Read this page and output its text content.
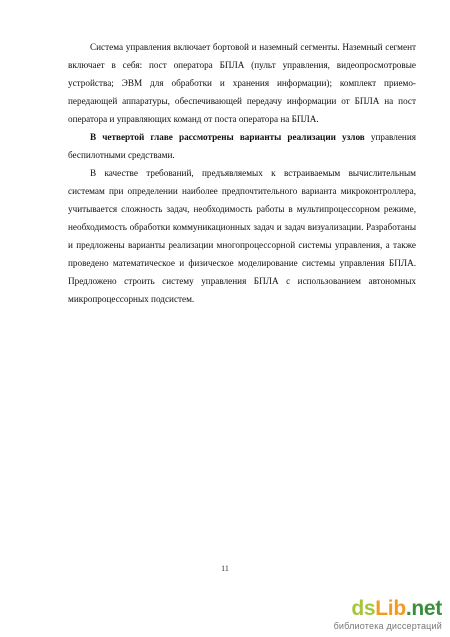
Система управления включает бортовой и наземный сегменты. Наземный сегмент включает в себя: пост оператора БПЛА (пульт управления, видеопросмотровые устройства; ЭВМ для обработки и хранения информации); комплект приемо-передающей аппаратуры, обеспечивающей передачу информации от БПЛА на пост оператора и управляющих команд от поста оператора на БПЛА.

В четвертой главе рассмотрены варианты реализации узлов управления беспилотными средствами.

В качестве требований, предъявляемых к встраиваемым вычислительным системам при определении наиболее предпочтительного варианта микроконтроллера, учитывается сложность задач, необходимость работы в мультипроцессорном режиме, необходимость обработки коммуникационных задач и задач визуализации. Разработаны и предложены варианты реализации многопроцессорной системы управления, а также проведено математическое и физическое моделирование системы управления БПЛА. Предложено строить систему управления БПЛА с использованием автономных микропроцессорных подсистем.

11
dsLib.net
библиотека диссертаций
